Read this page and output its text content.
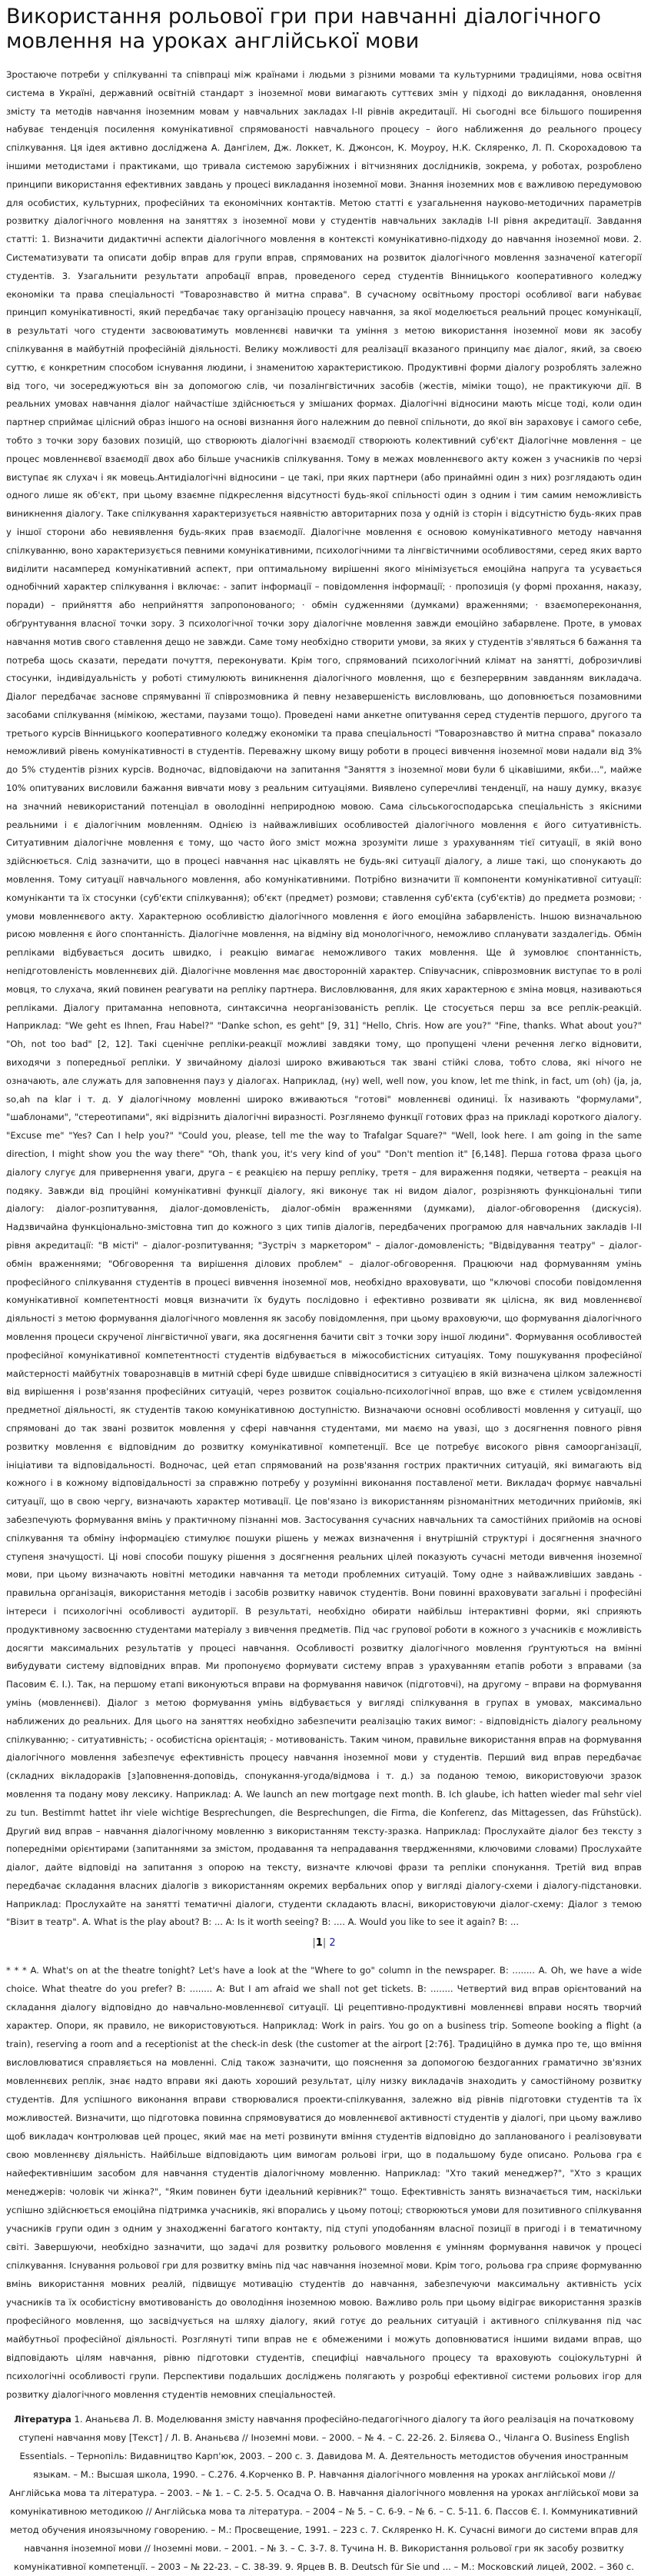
Використання рольової гри при навчанні діалогічного мовлення на уроках англійської мови

Зростаюче потреби у спілкуванні та співпраці між країнами і людьми з різними мовами та культурними традиціями, нова освітня система в Україні, державний освітній стандарт з іноземної мови вимагають суттєвих змін у підході до викладання, оновлення змісту та методів навчання іноземним мовам у навчальних закладах І-ІІ рівнів акредитації. Ні сьогодні все більшого поширення набуває тенденція посилення комунікативної спрямованості навчального процесу – його наближення до реального процесу спілкування. Ця ідея активно досліджена А. Дангілем, Дж. Локкет, К. Джонсон, К. Моуроу, Н.К. Скляренко, Л. П. Скорохадовою та іншими методистами і практиками, що тривала системою зарубіжних і вітчизняних дослідників, зокрема, у роботах, розроблено принципи використання ефективних завдань у процесі викладання іноземної мови. Знання іноземних мов є важливою передумовою для особистих, культурних, професійних та економічних контактів. Метою статті є узагальнення науково-методичних параметрів розвитку діалогічного мовлення на заняттях з іноземної мови у студентів навчальних закладів І-ІІ рівня акредитації. Завдання статті: 1. Визначити дидактичні аспекти діалогічного мовлення в контексті комунікативно-підходу до навчання іноземної мови. 2. Систематизувати та описати добір вправ для групи вправ, спрямованих на розвиток діалогічного мовлення зазначеної категорії студентів. 3. Узагальнити результати апробації вправ, проведеного серед студентів Вінницького кооперативного коледжу економіки та права спеціальності "Товарознавство й митна справа". В сучасному освітньому просторі особливої ваги набуває принцип комунікативності, який передбачає таку організацію процесу навчання, за якої моделюється реальний процес комунікації, в результаті чого студенти засвоюватимуть мовленнєві навички та уміння з метою використання іноземної мови як засобу спілкування в майбутній професійній діяльності. Велику можливості для реалізації вказаного принципу має діалог, який, за своєю суттю, є конкретним способом існування людини, і знаменитою характеристикою. Продуктивні форми діалогу розроблять залежно від того, чи зосереджуються він за допомогою слів, чи позалінгвістичних засобів (жестів, міміки тощо), не практикуючи дії. В реальних умовах навчання діалог найчастіше здійснюється у змішаних формах. Діалогічні відносини мають місце тоді, коли один партнер сприймає цілісний образ іншого на основі визнання його належним до певної спільноти, до якої він зараховує і самого себе, тобто з точки зору базових позицій, що створюють діалогічні взаємодії створюють колективний суб'єкт Діалогічне мовлення – це процес мовленнєвої взаємодії двох або більше учасників спілкування. Тому в межах мовленнєвого акту кожен з учасників по черзі виступає як слухач і як мовець.Антидіалогічні відносини – це такі, при яких партнери (або принаймні один з них) розглядають один одного лише як об'єкт, при цьому взаємне підкреслення відсутності будь-якої спільності один з одним і тим самим неможливість виникнення діалогу. Таке спілкування характеризується наявністю авторитарних поза у одній із сторін і відсутністю будь-яких прав у іншої сторони або невиявлення будь-яких прав взаємодії. Діалогічне мовлення є основою комунікативного методу навчання спілкуванню, воно характеризується певними комунікативними, психологічними та лінгвістичними особливостями, серед яких варто виділити насамперед комунікативний аспект, при оптимальному вирішенні якого мінімізується емоційна напруга та усувається однобічний характер спілкування і включає: - запит інформації – повідомлення інформації; · пропозиція (у формі прохання, наказу, поради) – прийняття або неприйняття запропонованого; · обмін судженнями (думками) враженнями; · взаємопереконання, обґрунтування власної точки зору. З психологічної точки зору діалогічне мовлення завжди емоційно забарвлене. Проте, в умовах навчання мотив свого ставлення дещо не завжди. Саме тому необхідно створити умови, за яких у студентів з'являться б бажання та потреба щось сказати, передати почуття, переконувати. Крім того, спрямований психологічний клімат на занятті, доброзичливі стосунки, індивідуальність у роботі стимулюють виникнення діалогічного мовлення, що є безперервним завданням викладача. Діалог передбачає заснове спрямуванні її співрозмовника й певну незавершеність висловлювань, що доповнюється позамовними засобами спілкування (мімікою, жестами, паузами тощо). Проведені нами анкетне опитування серед студентів першого, другого та третього курсів Вінницького кооперативного коледжу економіки та права спеціальності "Товарознавство й митна справа" показало неможливий рівень комунікативності в студентів. Переважну шкому вищу роботи в процесі вивчення іноземної мови надали від 3% до 5% студентів різних курсів. Водночас, відповідаючи на запитання "Заняття з іноземної мови були б цікавішими, якби…", майже 10% опитуваних висловили бажання вивчати мову з реальним ситуаціями. Виявлено суперечливі тенденції, на нашу думку, вказує на значний невикористаний потенціал в оволодінні неприродною мовою. Сама сільськогосподарська спеціальність з якісними реальними і є діалогічним мовленням. Однією із найважливіших особливостей діалогічного мовлення є його ситуативність. Ситуативним діалогічне мовлення є тому, що часто його зміст можна зрозуміти лише з урахуванням тієї ситуації, в якій воно здійснюється. Слід зазначити, що в процесі навчання нас цікавлять не будь-які ситуації діалогу, а лише такі, що спонукають до мовлення. Тому ситуації навчального мовлення, або комунікативними. Потрібно визначити її компоненти комунікативної ситуації: комуніканти та їх стосунки (суб'єкти спілкування); об'єкт (предмет) розмови; ставлення суб'єкта (суб'єктів) до предмета розмови; · умови мовленнєвого акту. Характерною особливістю діалогічного мовлення є його емоційна забарвленість. Іншою визначальною рисою мовлення є його спонтанність. Діалогічне мовлення, на відміну від монологічного, неможливо спланувати заздалегідь. Обмін репліками відбувається досить швидко, і реакцію вимагає неможливого таких мовлення. Ще й зумовлює спонтанність, непідготовленість мовленнєвих дій. Діалогічне мовлення має двосторонній характер. Співучасник, співрозмовник виступає то в ролі мовця, то слухача, який повинен реагувати на репліку партнера. Висловлювання, для яких характерною є зміна мовця, називаються репліками. Діалогу притаманна неповнота, синтаксична неорганізованість реплік. Це стосується перш за все реплік-реакцій. Наприклад: "We geht es Ihnen, Frau Habel?" "Danke schon, es geht" [9, 31] "Hello, Chris. How are you?" "Fine, thanks. What about you?" "Oh, not too bad" [2, 12]. Такі сценічне репліки-реакції можливі завдяки тому, що пропущені члени речення легко відновити, виходячи з попередньої репліки. У звичайному діалозі широко вживаються так звані стійкі слова, тобто слова, які нічого не означають, але служать для заповнення пауз у діалогах. Наприклад, (ну) well, well now, you know, let me think, in fact, um (oh) (ja, ja, so,ah na klar і т. д. У діалогічному мовленні широко вживаються "готові" мовленнєві одиниці. Їх називають "формулами", "шаблонами", "стереотипами", які відрізнить діалогічні виразності. Розглянемо функції готових фраз на прикладі короткого діалогу. "Excuse me" "Yes? Can I help you?" "Could you, please, tell me the way to Trafalgar Square?" "Well, look here. I am going in the same direction, I might show you the way there" "Oh, thank you, it's very kind of you" "Don't mention it" [6,148]. Перша готова фраза цього діалогу слугує для привернення уваги, друга – є реакцією на першу репліку, третя – для вираження подяки, четверта – реакція на подяку. Завжди від проційні комунікативні функції діалогу, які виконує так ні видом діалог, розрізняють функціональні типи діалогу: діалог-розпитування, діалог-домовленість, діалог-обмін враженнями (думками), діалог-обговорення (дискусія). Надзвичайна функціонально-змістовна тип до кожного з цих типів діалогів, передбачених програмою для навчальних закладів І-ІІ рівня акредитації: "В місті" – діалог-розпитування; "Зустріч з маркетором" – діалог-домовленість; "Відвідування театру" – діалог-обмін враженнями; "Обговорення та вирішення ділових проблем" – діалог-обговорення. Працюючи над формуванням умінь професійного спілкування студентів в процесі вивчення іноземної мов, необхідно враховувати, що "ключові способи повідомлення комунікативної компетентності мовця визначити їх будуть послідовно і ефективно розвивати як цілісна, як вид мовленнєвої діяльності з метою формування діалогічного мовлення як засобу повідомлення, при цьому враховуючи, що формування діалогічного мовлення процеси скрученої лінгвістичної уваги, яка досягнення бачити світ з точки зору іншої людини". Формування особливостей професійної комунікативної компетентності студентів відбувається в міжособистісних ситуаціях. Тому пошукування професійної майстерності майбутніх товарознавців в митній сфері буде швидше співвідноситися з ситуацією в якій визначена цілком залежності від вирішення і розв'язання професійних ситуацій, через розвиток соціально-психологічної вправ, що вже є стилем усвідомлення предметної діяльності, як студентів такою комунікативною доступністю. Визначаючи основні особливості мовлення у ситуації, що спрямовані до так звані розвиток мовлення у сфері навчання студентами, ми маємо на увазі, що з досягнення повного рівня розвитку мовлення є відповідним до розвитку комунікативної компетенції. Все це потребує високого рівня самоорганізації, ініціативи та відповідальності. Водночас, цей етап спрямований на розв'язання гострих практичних ситуацій, які вимагають від кожного і в кожному відповідальності за справжню потребу у розумінні виконання поставленої мети. Викладач формує навчальні ситуації, що в свою чергу, визначають характер мотивації. Це пов'язано із використанням різноманітних методичних прийомів, які забезпечують формування вмінь у практичному пізнанні мов. Застосування сучасних навчальних та самостійних прийомів на основі спілкування та обміну інформацією стимулює пошуки рішень у межах визначення і внутрішній структурі і досягнення значного ступеня значущості. Ці нові способи пошуку рішення з досягнення реальних цілей показують сучасні методи вивчення іноземної мови, при цьому визначають новітні методики навчання та методи проблемних ситуацій. Тому одне з найважливіших завдань - правильна організація, використання методів і засобів розвитку навичок студентів. Вони повинні враховувати загальні і професійні інтереси і психологічні особливості аудиторії. В результаті, необхідно обирати найбільш інтерактивні форми, які сприяють продуктивному засвоєнню студентами матеріалу з вивчення предметів. Під час групової роботи в кожного з учасників є можливість досягти максимальних результатів у процесі навчання. Особливості розвитку діалогічного мовлення ґрунтуються на вмінні вибудувати систему відповідних вправ. Ми пропонуємо формувати систему вправ з урахуванням етапів роботи з вправами (за Пасовим Є. І.). Так, на першому етапі виконуються вправи на формування навичок (підготовчі), на другому – вправи на формування умінь (мовленнєві). Діалог з метою формування умінь відбувається у вигляді спілкування в групах в умовах, максимально наближених до реальних. Для цього на заняттях необхідно забезпечити реалізацію таких вимог: - відповідність діалогу реальному спілкуванню; - ситуативність; - особистісна орієнтація; - мотивованість. Таким чином, правильне використання вправ на формування діалогічного мовлення забезпечує ефективність процесу навчання іноземної мови у студентів. Перший вид вправ передбачає (складних вікладораків [з]аповнення-доповідь, спонукання-угода/відмова і т. д.) за поданою темою, використовуючи зразок мовлення та подану мову лексику. Наприклад: A. We launch an new mortgage next month. B. Ich glaube, ich hatten wieder mal sehr viel zu tun. Bestimmt hattet ihr viele wichtige Besprechungen, die Besprechungen, die Firma, die Konferenz, das Mittagessen, das Frühstück). Другий вид вправ – навчання діалогічному мовленню з використанням тексту-зразка. Наприклад: Прослухайте діалог без тексту з попередніми орієнтирами (запитаннями за змістом, продавання та непрадавання твердженнями, ключовими словами) Прослухайте діалог, дайте відповіді на запитання з опорою на тексту, визначте ключові фрази та репліки спонукання. Третій вид вправ передбачає складання власних діалогів з використанням окремих вербальних опор у вигляді діалогу-схеми і діалогу-підстановки. Наприклад: Прослухайте на занятті тематичні діалоги, студенти складають власні, використовуючи діалог-схему: Діалог з темою "Візит в театр". A. What is the play about? B: ... A: Is it worth seeing? B: .... A. Would you like to see it again? B: ...

|1| 2

* * * A. What's on at the theatre tonight? Let's have a look at the "Where to go" column in the newspaper. B: ........ A. Oh, we have a wide choice. What theatre do you prefer? B: ........ A: But I am afraid we shall not get tickets. B: ........ Четвертий вид вправ орієнтований на складання діалогу відповідно до навчально-мовленнєвої ситуації. Ці рецептивно-продуктивні мовленнєві вправи носять творчий характер. Опори, як правило, не використовуються. Наприклад: Work in pairs. You go on a business trip. Someone booking a flight (a train), reserving a room and a receptionist at the check-in desk (the customer at the airport [2:76]. Традиційно в думка про те, що вміння висловлюватися справляється на мовленні. Слід також зазначити, що пояснення за допомогою бездоганних граматично зв'язних мовленнєвих реплік, знає надто вправи які дають хороший результат, цілу низку викладачів знаходить у самостійному розвитку студентів. Для успішного виконання вправи створювалися проекти-спілкування, залежно від рівнів підготовки студентів та їх можливостей. Визначити, що підготовка повинна спрямовуватися до мовленнєвої активності студентів у діалогі, при цьому важливо щоб викладач контролював цей процес, який має на меті розвинути вміння студентів відповідно до запланованого і реалізовувати свою мовленнєву діяльність. Найбільше відповідають цим вимогам рольові ігри, що в подальшому буде описано. Рольова гра є найефективнішим засобом для навчання студентів діалогічному мовленню. Наприклад: "Хто такий менеджер?", "Хто з кращих менеджерів: чоловік чи жінка?", "Яким повинен бути ідеальний керівник?" тощо. Ефективність занять визначається тим, наскільки успішно здійснюється емоційна підтримка учасників, які впорались у цьому потоці; створюються умови для позитивного спілкування учасників групи один з одним у знаходженні багатого контакту, під ступі уподобанням власної позиції в пригоді і в тематичному світі. Завершуючи, необхідно зазначити, що задачі для розвитку рольового мовлення є умінням формування навичок у процесі спілкування. Існування рольової гри для розвитку вмінь під час навчання іноземної мови. Крім того, рольова гра сприяє формуванню вмінь використання мовних реалій, підвищує мотивацію студентів до навчання, забезпечуючи максимальну активність усіх учасників та їх особистісну вмотивованість до оволодіння іноземною мовою. Важливо роль при цьому відіграє використання зразків професійного мовлення, що засвідчується на шляху діалогу, який готує до реальних ситуацій і активного спілкування під час майбутньої професійної діяльності. Розглянуті типи вправ не є обмеженими і можуть доповнюватися іншими видами вправ, що відповідають цілям навчання, рівню підготовки студентів, специфіці навчального процесу та враховують соціокультурні й психологічні особливості групи. Перспективи подальших досліджень полягають у розробці ефективної системи рольових ігор для розвитку діалогічного мовлення студентів немовних спеціальностей.

Література 1. Ананьєва Л. В. Моделювання змісту навчання професійно-педагогічного діалогу та його реалізація на початковому ступені навчання мову [Текст] / Л. В. Ананьєва // Іноземні мови. – 2000. – № 4. – С. 22-26. 2. Біляєва О., Чіланга О. Business English Essentials. – Тернопіль: Видавництво Карп'юк, 2003. – 200 с. 3. Давидова М. А. Деятельность методистов обучения иностранным языкам. – М.: Высшая школа, 1990. – С.276. 4.Корченко В. Р. Навчання діалогічного мовлення на уроках англійської мови // Англійська мова та література. – 2003. – № 1. – С. 2-5. 5. Осадча О. В. Навчання діалогічного мовлення на уроках англійської мови за комунікативною методикою // Англійська мова та література. – 2004 – № 5. – С. 6-9. – № 6. – С. 5-11. 6. Пассов Є. І. Коммуникативний метод обучения иноязычному говорению. – М.: Просвещение, 1991. – 223 с. 7. Скляренко Н. К. Сучасні вимоги до системи вправ для навчання іноземної мови // Іноземні мови. – 2001. – № 3. – С. 3-7. 8. Тучина Н. В. Використання рольової гри як засобу розвитку комунікативної компетенції. – 2003 – № 22-23. – С. 38-39. 9. Ярцев В. В. Deutsch für Sie und ... – М.: Московский лицей, 2002. – 360 с.
